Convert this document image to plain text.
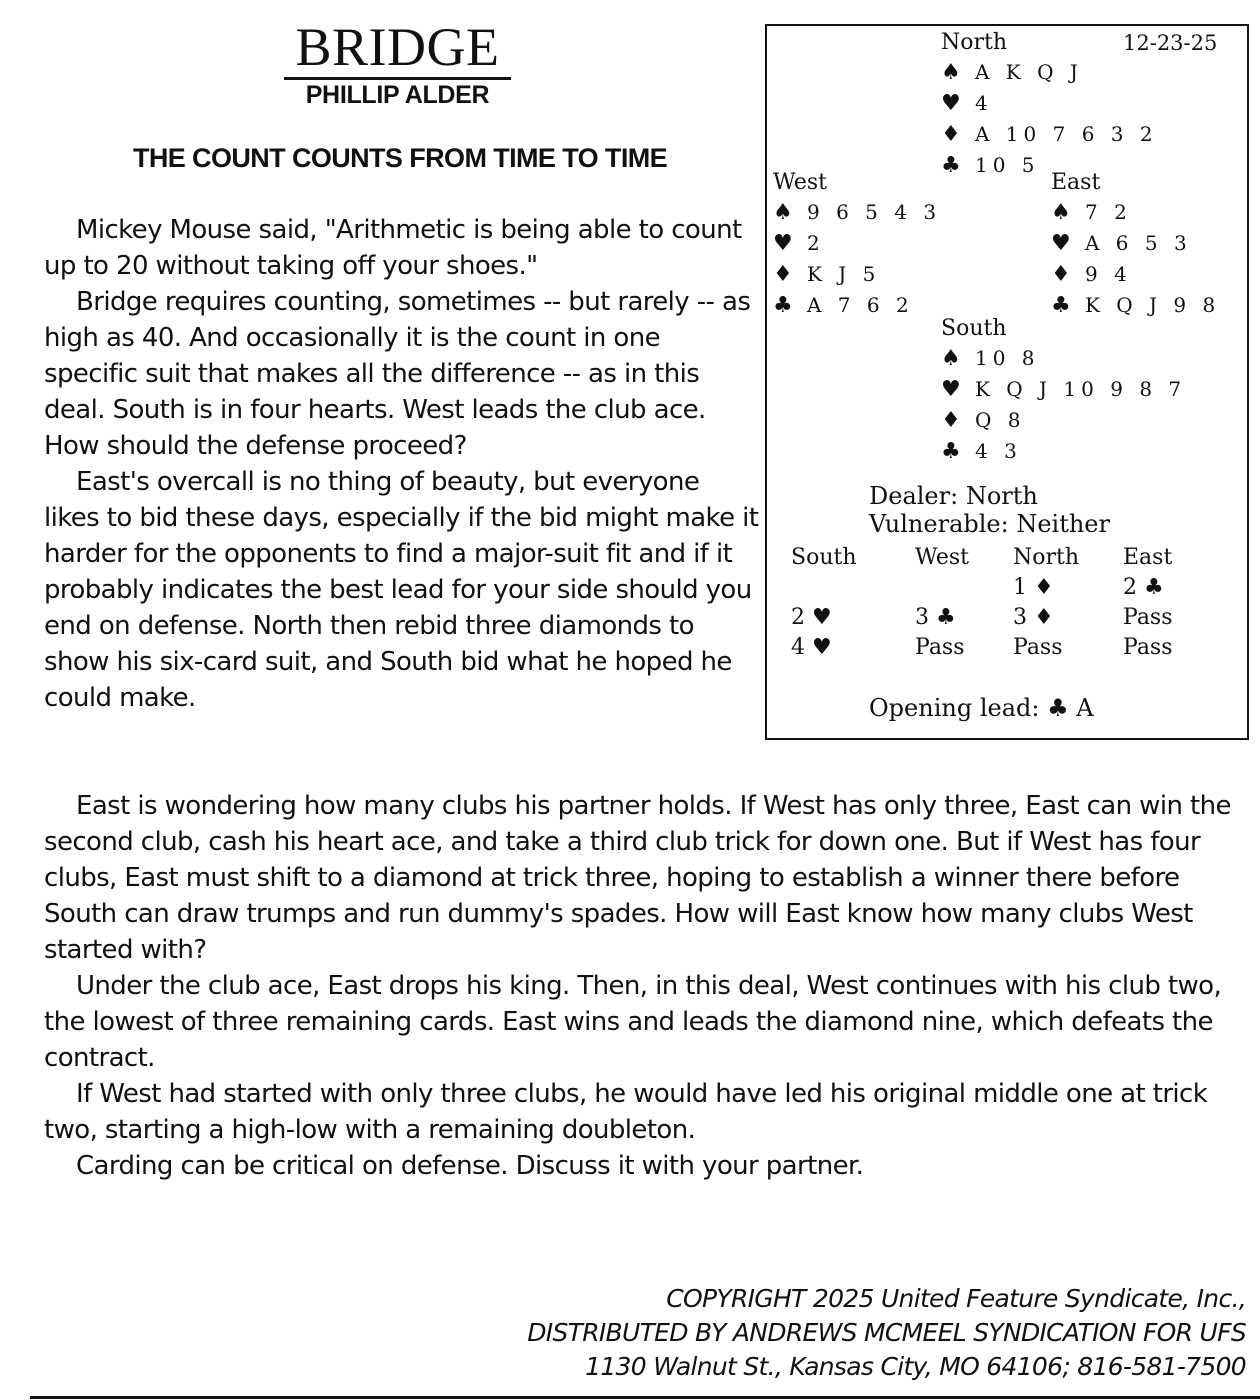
BRIDGE
PHILLIP ALDER
THE COUNT COUNTS FROM TIME TO TIME

Mickey Mouse said, "Arithmetic is being able to count up to 20 without taking off your shoes."

Bridge requires counting, sometimes -- but rarely -- as high as 40. And occasionally it is the count in one specific suit that makes all the difference -- as in this deal. South is in four hearts. West leads the club ace. How should the defense proceed?

East's overcall is no thing of beauty, but everyone likes to bid these days, especially if the bid might make it harder for the opponents to find a major-suit fit and if it probably indicates the best lead for your side should you end on defense. North then rebid three diamonds to show his six-card suit, and South bid what he hoped he could make.

12-23-25
North
♠ A K Q J
♥ 4
♦ A 10 7 6 3 2
♣ 10 5
West
♠ 9 6 5 4 3
♥ 2
♦ K J 5
♣ A 7 6 2
East
♠ 7 2
♥ A 6 5 3
♦ 9 4
♣ K Q J 9 8
South
♠ 10 8
♥ K Q J 10 9 8 7
♦ Q 8
♣ 4 3
Dealer: North
Vulnerable: Neither
South	West	North	East
		1 ♦	2 ♣
2 ♥	3 ♣	3 ♦	Pass
4 ♥	Pass	Pass	Pass
Opening lead: ♣ A

East is wondering how many clubs his partner holds. If West has only three, East can win the second club, cash his heart ace, and take a third club trick for down one. But if West has four clubs, East must shift to a diamond at trick three, hoping to establish a winner there before South can draw trumps and run dummy's spades. How will East know how many clubs West started with?

Under the club ace, East drops his king. Then, in this deal, West continues with his club two, the lowest of three remaining cards. East wins and leads the diamond nine, which defeats the contract.

If West had started with only three clubs, he would have led his original middle one at trick two, starting a high-low with a remaining doubleton.

Carding can be critical on defense. Discuss it with your partner.

COPYRIGHT 2025 United Feature Syndicate, Inc.,
DISTRIBUTED BY ANDREWS MCMEEL SYNDICATION FOR UFS
1130 Walnut St., Kansas City, MO 64106; 816-581-7500
